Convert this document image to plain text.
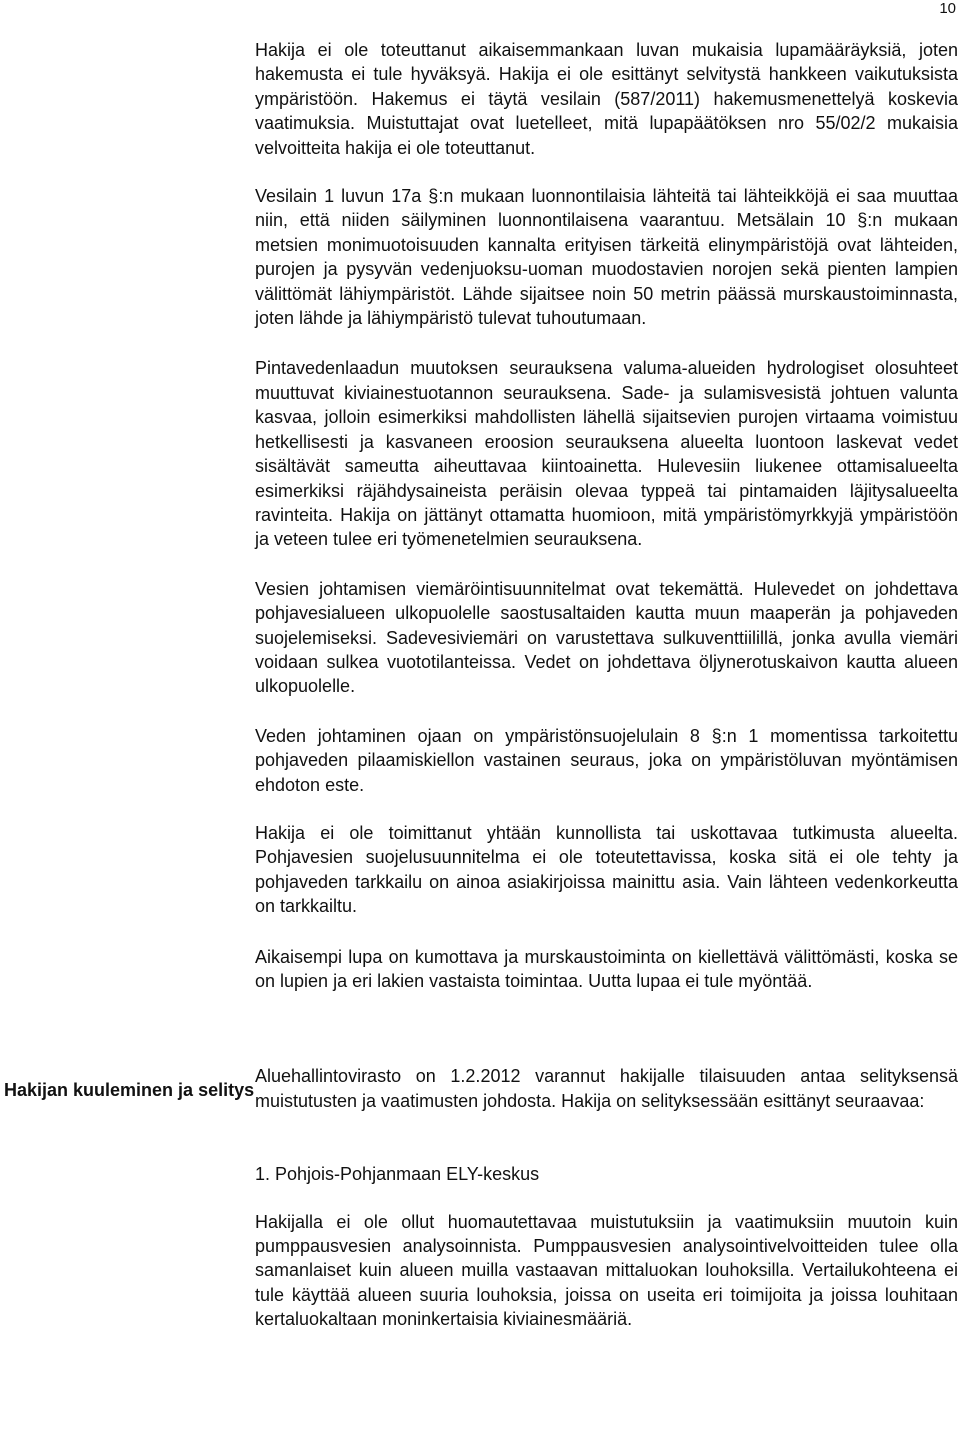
10
Hakijan kuuleminen ja selitys

Hakija ei ole toteuttanut aikaisemmankaan luvan mukaisia lupamääräyksiä, joten hakemusta ei tule hyväksyä. Hakija ei ole esittänyt selvitystä hankkeen vaikutuksista ympäristöön. Hakemus ei täytä vesilain (587/2011) hakemusmenettelyä koskevia vaatimuksia. Muistuttajat ovat luetelleet, mitä lupapäätöksen nro 55/02/2 mukaisia velvoitteita hakija ei ole toteuttanut.

Vesilain 1 luvun 17a §:n mukaan luonnontilaisia lähteitä tai lähteikköjä ei saa muuttaa niin, että niiden säilyminen luonnontilaisena vaarantuu. Metsälain 10 §:n mukaan metsien monimuotoisuuden kannalta erityisen tärkeitä elinympäristöjä ovat lähteiden, purojen ja pysyvän vedenjuoksu-uoman muodostavien norojen sekä pienten lampien välittömät lähiympäristöt. Lähde sijaitsee noin 50 metrin päässä murskaustoiminnasta, joten lähde ja lähiympäristö tulevat tuhoutumaan.

Pintavedenlaadun muutoksen seurauksena valuma-alueiden hydrologiset olosuhteet muuttuvat kiviainestuotannon seurauksena. Sade- ja sulamisvesistä johtuen valunta kasvaa, jolloin esimerkiksi mahdollisten lähellä sijaitsevien purojen virtaama voimistuu hetkellisesti ja kasvaneen eroosion seurauksena alueelta luontoon laskevat vedet sisältävät sameutta aiheuttavaa kiintoainetta. Hulevesiin liukenee ottamisalueelta esimerkiksi räjähdysaineista peräisin olevaa typpeä tai pintamaiden läjitysalueelta ravinteita. Hakija on jättänyt ottamatta huomioon, mitä ympäristömyrkkyjä ympäristöön ja veteen tulee eri työmenetelmien seurauksena.

Vesien johtamisen viemäröintisuunnitelmat ovat tekemättä. Hulevedet on johdettava pohjavesialueen ulkopuolelle saostusaltaiden kautta muun maaperän ja pohjaveden suojelemiseksi. Sadevesiviemäri on varustettava sulkuventtiilillä, jonka avulla viemäri voidaan sulkea vuototilanteissa. Vedet on johdettava öljynerotuskaivon kautta alueen ulkopuolelle.

Veden johtaminen ojaan on ympäristönsuojelulain 8 §:n 1 momentissa tarkoitettu pohjaveden pilaamiskiellon vastainen seuraus, joka on ympäristöluvan myöntämisen ehdoton este.

Hakija ei ole toimittanut yhtään kunnollista tai uskottavaa tutkimusta alueelta. Pohjavesien suojelusuunnitelma ei ole toteutettavissa, koska sitä ei ole tehty ja pohjaveden tarkkailu on ainoa asiakirjoissa mainittu asia. Vain lähteen vedenkorkeutta on tarkkailtu.

Aikaisempi lupa on kumottava ja murskaustoiminta on kiellettävä välittömästi, koska se on lupien ja eri lakien vastaista toimintaa. Uutta lupaa ei tule myöntää.

Aluehallintovirasto on 1.2.2012 varannut hakijalle tilaisuuden antaa selityksensä muistutusten ja vaatimusten johdosta. Hakija on selityksessään esittänyt seuraavaa:

1. Pohjois-Pohjanmaan ELY-keskus

Hakijalla ei ole ollut huomautettavaa muistutuksiin ja vaatimuksiin muutoin kuin pumppausvesien analysoinnista. Pumppausvesien analysointivelvoitteiden tulee olla samanlaiset kuin alueen muilla vastaavan mittaluokan louhoksilla. Vertailukohteena ei tule käyttää alueen suuria louhoksia, joissa on useita eri toimijoita ja joissa louhitaan kertaluokaltaan moninkertaisia kiviainesmääriä.
